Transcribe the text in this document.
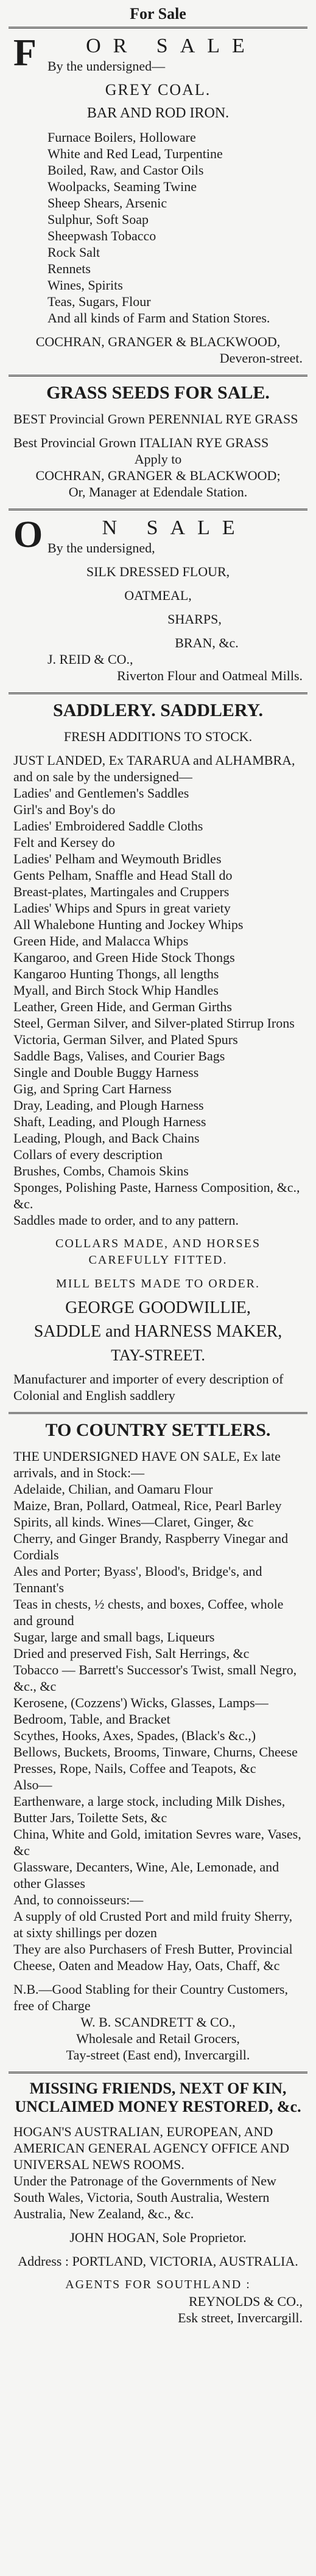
For Sale
F OR SALE
By the undersigned—
GREY COAL.
BAR AND ROD IRON.
Furnace Boilers, Holloware
White and Red Lead, Turpentine
Boiled, Raw, and Castor Oils
Woolpacks, Seaming Twine
Sheep Shears, Arsenic
Sulphur, Soft Soap
Sheepwash Tobacco
Rock Salt
Rennets
Wines, Spirits
Teas, Sugars, Flour
And all kinds of Farm and Station Stores.
COCHRAN, GRANGER & BLACKWOOD,
Deveron-street.
GRASS SEEDS FOR SALE.
BEST Provincial Grown PERENNIAL RYE GRASS
Best Provincial Grown ITALIAN RYE GRASS
Apply to
COCHRAN, GRANGER & BLACKWOOD;
Or, Manager at Edendale Station.
O	N SALE
By the undersigned,
SILK DRESSED FLOUR,
OATMEAL,
SHARPS,
BRAN, &c.
J. REID & CO.,
Riverton Flour and Oatmeal Mills.
SADDLERY. SADDLERY.
FRESH ADDITIONS TO STOCK.
JUST LANDED, Ex TARARUA and ALHAMBRA,
and on sale by the undersigned—
Ladies' and Gentlemen's Saddles
Girl's and Boy's do
Ladies' Embroidered Saddle Cloths
Felt and Kersey do
Ladies' Pelham and Weymouth Bridles
Gents Pelham, Snaffle and Head Stall do
Breast-plates, Martingales and Cruppers
Ladies' Whips and Spurs in great variety
All Whalebone Hunting and Jockey Whips
Green Hide, and Malacca Whips
Kangaroo, and Green Hide Stock Thongs
Kangaroo Hunting Thongs, all lengths
Myall, and Birch Stock Whip Handles
Leather, Green Hide, and German Girths
Steel, German Silver, and Silver-plated Stirrup Irons
Victoria, German Silver, and Plated Spurs
Saddle Bags, Valises, and Courier Bags
Single and Double Buggy Harness
Gig, and Spring Cart Harness
Dray, Leading, and Plough Harness
Shaft, Leading, and Plough Harness
Leading, Plough, and Back Chains
Collars of every description
Brushes, Combs, Chamois Skins
Sponges, Polishing Paste, Harness Composition, &c., &c.
Saddles made to order, and to any pattern.
COLLARS MADE, AND HORSES CAREFULLY FITTED.
MILL BELTS MADE TO ORDER.
GEORGE GOODWILLIE,
SADDLE and HARNESS MAKER,
TAY-STREET.
Manufacturer and importer of every description of Colonial and English saddlery
TO COUNTRY SETTLERS.
THE UNDERSIGNED HAVE ON SALE, Ex late arrivals, and in Stock:—
Adelaide, Chilian, and Oamaru Flour
Maize, Bran, Pollard, Oatmeal, Rice, Pearl Barley
Spirits, all kinds. Wines—Claret, Ginger, &c
Cherry, and Ginger Brandy, Raspberry Vinegar and Cordials
Ales and Porter; Byass', Blood's, Bridge's, and Tennant's
Teas in chests, ½ chests, and boxes, Coffee, whole and ground
Sugar, large and small bags, Liqueurs
Dried and preserved Fish, Salt Herrings, &c
Tobacco — Barrett's Successor's Twist, small Negro, &c., &c
Kerosene, (Cozzens') Wicks, Glasses, Lamps—Bedroom, Table, and Bracket
Scythes, Hooks, Axes, Spades, (Black's &c.,) Bellows, Buckets, Brooms, Tinware, Churns, Cheese Presses, Rope, Nails, Coffee and Teapots, &c
Also—
Earthenware, a large stock, including Milk Dishes, Butter Jars, Toilette Sets, &c
China, White and Gold, imitation Sevres ware, Vases, &c
Glassware, Decanters, Wine, Ale, Lemonade, and other Glasses
And, to connoisseurs:—
A supply of old Crusted Port and mild fruity Sherry, at sixty shillings per dozen
They are also Purchasers of Fresh Butter, Provincial Cheese, Oaten and Meadow Hay, Oats, Chaff, &c
N.B.—Good Stabling for their Country Customers, free of Charge
W. B. SCANDRETT & CO.,
Wholesale and Retail Grocers,
Tay-street (East end), Invercargill.
MISSING FRIENDS, NEXT OF KIN, UNCLAIMED MONEY RESTORED, &c.
HOGAN'S AUSTRALIAN, EUROPEAN, AND AMERICAN GENERAL AGENCY OFFICE AND UNIVERSAL NEWS ROOMS.
Under the Patronage of the Governments of New South Wales, Victoria, South Australia, Western Australia, New Zealand, &c., &c.
JOHN HOGAN, Sole Proprietor.
Address : PORTLAND, VICTORIA, AUSTRALIA.
AGENTS FOR SOUTHLAND :
REYNOLDS & CO.,
Esk street, Invercargill.
